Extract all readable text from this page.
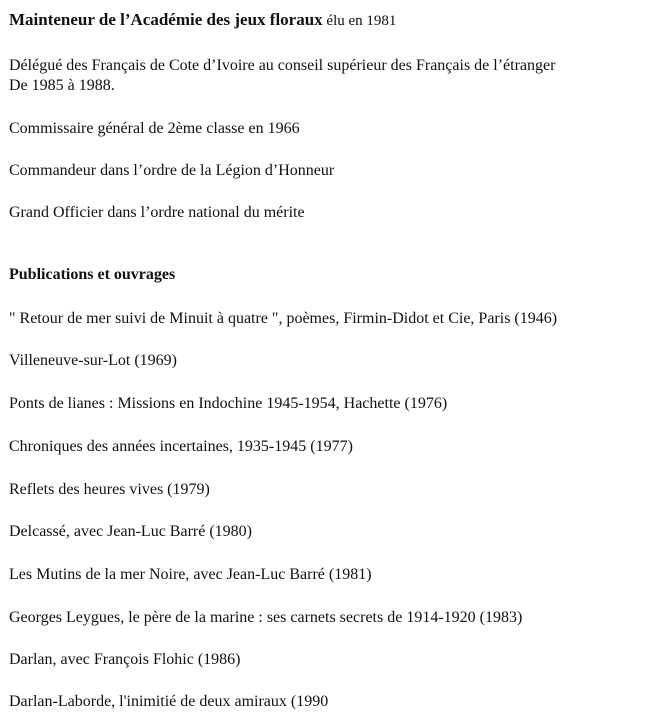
Mainteneur de l’Académie des jeux floraux élu en 1981
Délégué des Français de Cote d’Ivoire au conseil supérieur des Français de l’étranger
De 1985 à 1988.
Commissaire général de 2ème classe en 1966
Commandeur dans l’ordre de la Légion d’Honneur
Grand Officier dans l’ordre national du mérite
Publications et ouvrages
" Retour de mer suivi de Minuit à quatre ", poèmes, Firmin-Didot et Cie, Paris (1946)
Villeneuve-sur-Lot (1969)
Ponts de lianes : Missions en Indochine 1945-1954, Hachette (1976)
Chroniques des années incertaines, 1935-1945 (1977)
Reflets des heures vives (1979)
Delcassé, avec Jean-Luc Barré (1980)
Les Mutins de la mer Noire, avec Jean-Luc Barré (1981)
Georges Leygues, le père de la marine : ses carnets secrets de 1914-1920 (1983)
Darlan, avec François Flohic (1986)
Darlan-Laborde, l'inimitié de deux amiraux (1990
